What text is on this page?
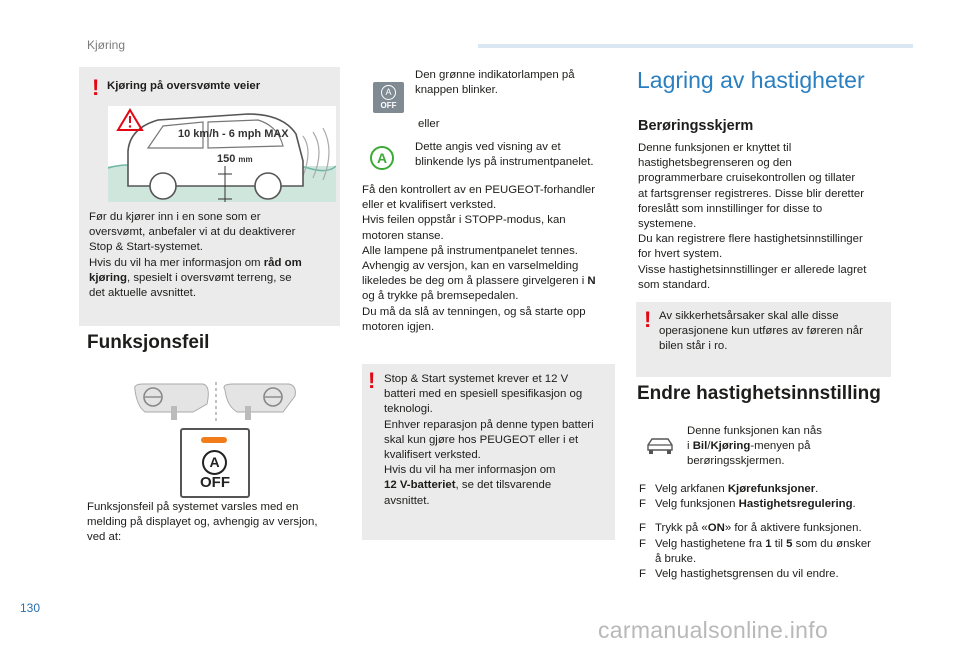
Kjøring
! Kjøring på oversvømte veier
10 km/h - 6 mph MAX
150 mm
Før du kjører inn i en sone som er
oversvømt, anbefaler vi at du deaktiverer
Stop & Start-systemet.
Hvis du vil ha mer informasjon om råd om
kjøring, spesielt i oversvømt terreng, se
det aktuelle avsnittet.
Funksjonsfeil
A
OFF
Funksjonsfeil på systemet varsles med en
melding på displayet og, avhengig av versjon,
ved at:
A
OFF
Den grønne indikatorlampen på
knappen blinker.
eller
A
Dette angis ved visning av et
blinkende lys på instrumentpanelet.
Få den kontrollert av en PEUGEOT-forhandler
eller et kvalifisert verksted.
Hvis feilen oppstår i STOPP-modus, kan
motoren stanse.
Alle lampene på instrumentpanelet tennes.
Avhengig av versjon, kan en varselmelding
likeledes be deg om å plassere girvelgeren i N
og å trykke på bremsepedalen.
Du må da slå av tenningen, og så starte opp
motoren igjen.
! Stop & Start systemet krever et 12 V
batteri med en spesiell spesifikasjon og
teknologi.
Enhver reparasjon på denne typen batteri
skal kun gjøre hos PEUGEOT eller i et
kvalifisert verksted.
Hvis du vil ha mer informasjon om
12 V-batteriet, se det tilsvarende
avsnittet.
Lagring av hastigheter
Berøringsskjerm
Denne funksjonen er knyttet til
hastighetsbegrenseren og den
programmerbare cruisekontrollen og tillater
at fartsgrenser registreres. Disse blir deretter
foreslått som innstillinger for disse to
systemene.
Du kan registrere flere hastighetsinnstillinger
for hvert system.
Visse hastighetsinnstillinger er allerede lagret
som standard.
! Av sikkerhetsårsaker skal alle disse
operasjonene kun utføres av føreren når
bilen står i ro.
Endre hastighetsinnstilling
Denne funksjonen kan nås
i Bil/Kjøring-menyen på
berøringsskjermen.
F Velg arkfanen Kjørefunksjoner.
F Velg funksjonen Hastighetsregulering.
F Trykk på «ON» for å aktivere funksjonen.
F Velg hastighetene fra 1 til 5 som du ønsker
å bruke.
F Velg hastighetsgrensen du vil endre.
130
carmanualsonline.info
